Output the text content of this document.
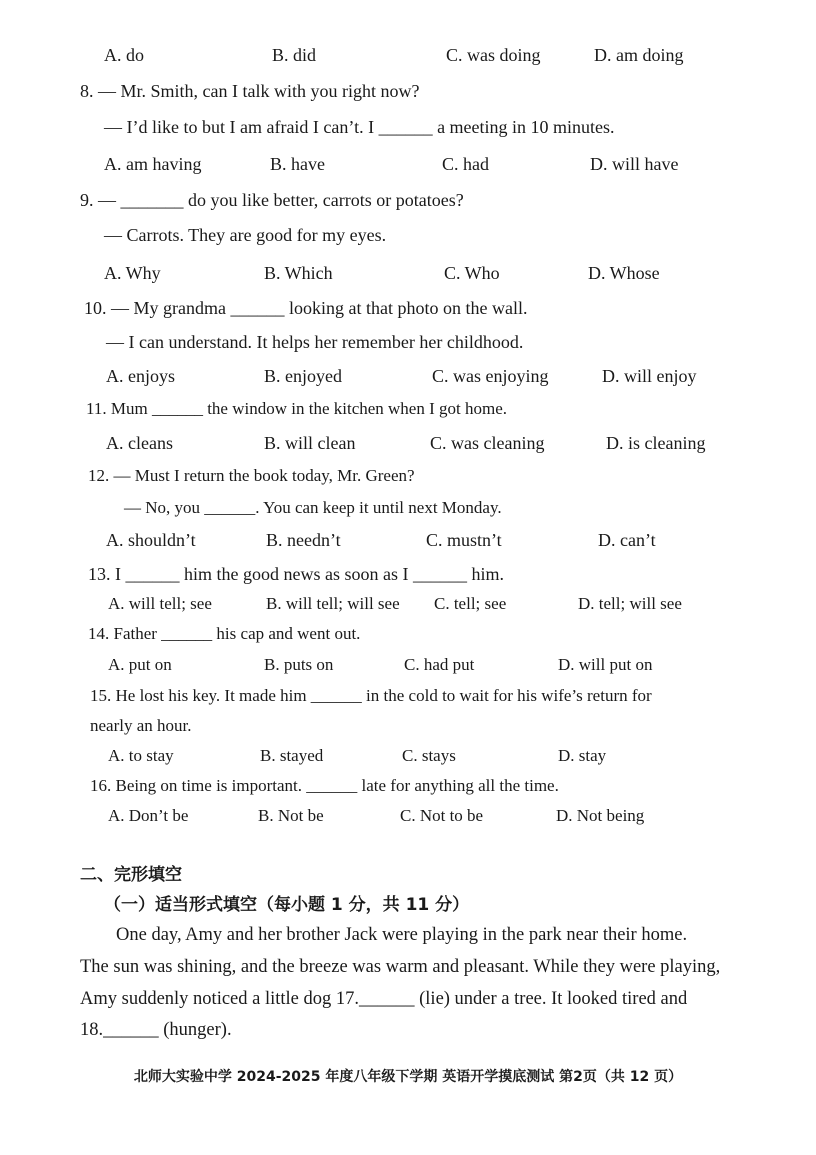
A. do	B. did	C. was doing	D. am doing
8. — Mr. Smith, can I talk with you right now?
— I’d like to but I am afraid I can’t. I ______ a meeting in 10 minutes.
A. am having	B. have	C. had	D. will have
9. — _______ do you like better, carrots or potatoes?
— Carrots. They are good for my eyes.
A. Why	B. Which	C. Who	D. Whose
10. — My grandma ______ looking at that photo on the wall.
— I can understand. It helps her remember her childhood.
A. enjoys	B. enjoyed	C. was enjoying	D. will enjoy
11. Mum ______ the window in the kitchen when I got home.
A. cleans	B. will clean	C. was cleaning	D. is cleaning
12. — Must I return the book today, Mr. Green?
— No, you ______. You can keep it until next Monday.
A. shouldn’t	B. needn’t	C. mustn’t	D. can’t
13. I ______ him the good news as soon as I ______ him.
A. will tell; see	B. will tell; will see C. tell; see	D. tell; will see
14. Father ______ his cap and went out.
A. put on	B. puts on	C. had put	D. will put on
15. He lost his key. It made him ______ in the cold to wait for his wife’s return for
nearly an hour.
A. to stay	B. stayed	C. stays	D. stay
16. Being on time is important. ______ late for anything all the time.
A. Don’t be	B. Not be	C. Not to be	D. Not being
二、完形填空
（一）适当形式填空（每小题 1 分，共 11 分）
One day, Amy and her brother Jack were playing in the park near their home.
The sun was shining, and the breeze was warm and pleasant. While they were playing,
Amy suddenly noticed a little dog 17.______ (lie) under a tree. It looked tired and
18.______ (hunger).
北师大实验中学 2024-2025 年度八年级下学期 英语开学摸底测试 第2页（共 12 页）
